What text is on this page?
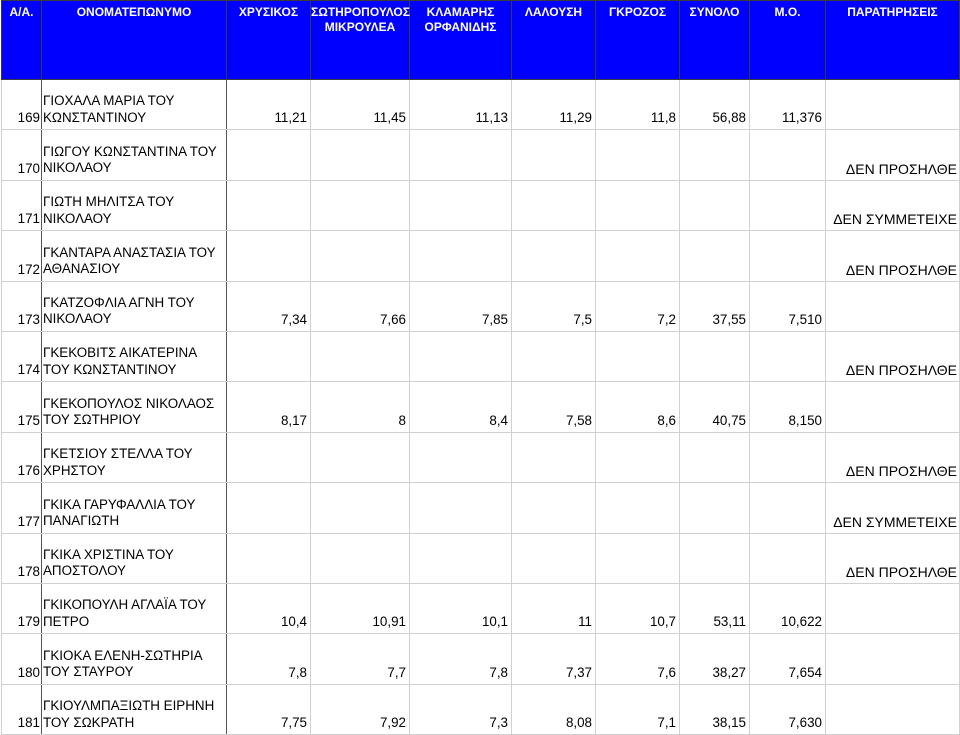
Α/Α.	ΟΝΟΜΑΤΕΠΩΝΥΜΟ	ΧΡΥΣΙΚΟΣ	ΣΩΤΗΡΟΠΟΥΛΟΣ ΜΙΚΡΟΥΛΕΑ	ΚΛΑΜΑΡΗΣ ΟΡΦΑΝΙΔΗΣ	ΛΑΛΟΥΣΗ	ΓΚΡΟΖΟΣ	ΣΥΝΟΛΟ	Μ.Ο.	ΠΑΡΑΤΗΡΗΣΕΙΣ
169	ΓΙΟΧΑΛΑ ΜΑΡΙΑ ΤΟΥ ΚΩΝΣΤΑΝΤΙΝΟΥ	11,21	11,45	11,13	11,29	11,8	56,88	11,376	
170	ΓΙΩΓΟΥ ΚΩΝΣΤΑΝΤΙΝΑ ΤΟΥ ΝΙΚΟΛΑΟΥ								ΔΕΝ ΠΡΟΣΗΛΘΕ
171	ΓΙΩΤΗ ΜΗΛΙΤΣΑ ΤΟΥ ΝΙΚΟΛΑΟΥ								ΔΕΝ ΣΥΜΜΕΤΕΙΧΕ
172	ΓΚΑΝΤΑΡΑ ΑΝΑΣΤΑΣΙΑ ΤΟΥ ΑΘΑΝΑΣΙΟΥ								ΔΕΝ ΠΡΟΣΗΛΘΕ
173	ΓΚΑΤΖΟΦΛΙΑ ΑΓΝΗ ΤΟΥ ΝΙΚΟΛΑΟΥ	7,34	7,66	7,85	7,5	7,2	37,55	7,510	
174	ΓΚΕΚΟΒΙΤΣ ΑΙΚΑΤΕΡΙΝΑ ΤΟΥ ΚΩΝΣΤΑΝΤΙΝΟΥ								ΔΕΝ ΠΡΟΣΗΛΘΕ
175	ΓΚΕΚΟΠΟΥΛΟΣ ΝΙΚΟΛΑΟΣ ΤΟΥ ΣΩΤΗΡΙΟΥ	8,17	8	8,4	7,58	8,6	40,75	8,150	
176	ΓΚΕΤΣΙΟΥ ΣΤΕΛΛΑ ΤΟΥ ΧΡΗΣΤΟΥ								ΔΕΝ ΠΡΟΣΗΛΘΕ
177	ΓΚΙΚΑ ΓΑΡΥΦΑΛΛΙΑ ΤΟΥ ΠΑΝΑΓΙΩΤΗ								ΔΕΝ ΣΥΜΜΕΤΕΙΧΕ
178	ΓΚΙΚΑ ΧΡΙΣΤΙΝΑ ΤΟΥ ΑΠΟΣΤΟΛΟΥ								ΔΕΝ ΠΡΟΣΗΛΘΕ
179	ΓΚΙΚΟΠΟΥΛΗ ΑΓΛΑΪΑ ΤΟΥ ΠΕΤΡΟ	10,4	10,91	10,1	11	10,7	53,11	10,622	
180	ΓΚΙΟΚΑ ΕΛΕΝΗ-ΣΩΤΗΡΙΑ ΤΟΥ ΣΤΑΥΡΟΥ	7,8	7,7	7,8	7,37	7,6	38,27	7,654	
181	ΓΚΙΟΥΛΜΠΑΞΙΩΤΗ ΕΙΡΗΝΗ ΤΟΥ ΣΩΚΡΑΤΗ	7,75	7,92	7,3	8,08	7,1	38,15	7,630	
